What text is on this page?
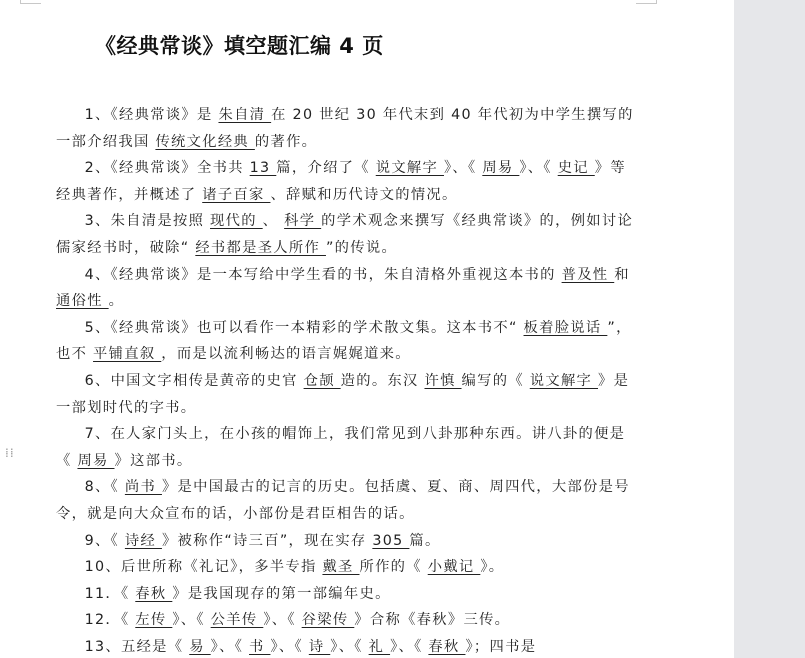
⁞⁞
《经典常谈》填空题汇编 4 页

1、《经典常谈》是 朱自清 在 20 世纪 30 年代末到 40 年代初为中学生撰写的一部介绍我国 传统文化经典 的著作。

2、《经典常谈》全书共 13 篇，介绍了《 说文解字 》、《 周易 》、《 史记 》等经典著作，并概述了 诸子百家 、辞赋和历代诗文的情况。

3、朱自清是按照 现代的 、 科学 的学术观念来撰写《经典常谈》的，例如讨论儒家经书时，破除“ 经书都是圣人所作 ”的传说。

4、《经典常谈》是一本写给中学生看的书，朱自清格外重视这本书的 普及性 和 通俗性 。

5、《经典常谈》也可以看作一本精彩的学术散文集。这本书不“ 板着脸说话 ”，也不 平铺直叙 ，而是以流利畅达的语言娓娓道来。

6、中国文字相传是黄帝的史官 仓颉 造的。东汉 许慎 编写的《 说文解字 》是一部划时代的字书。

7、在人家门头上，在小孩的帽饰上，我们常见到八卦那种东西。讲八卦的便是《 周易 》这部书。

8、《 尚书 》是中国最古的记言的历史。包括虞、夏、商、周四代，大部份是号令，就是向大众宣布的话，小部份是君臣相告的话。

9、《 诗经 》被称作“诗三百”，现在实存 305 篇。

10、后世所称《礼记》，多半专指 戴圣 所作的《 小戴记 》。

11．《 春秋 》是我国现存的第一部编年史。

12．《 左传 》、《 公羊传 》、《 谷梁传 》合称《春秋》三传。

13、五经是《 易 》、《 书 》、《 诗 》、《 礼 》、《 春秋 》；四书是
